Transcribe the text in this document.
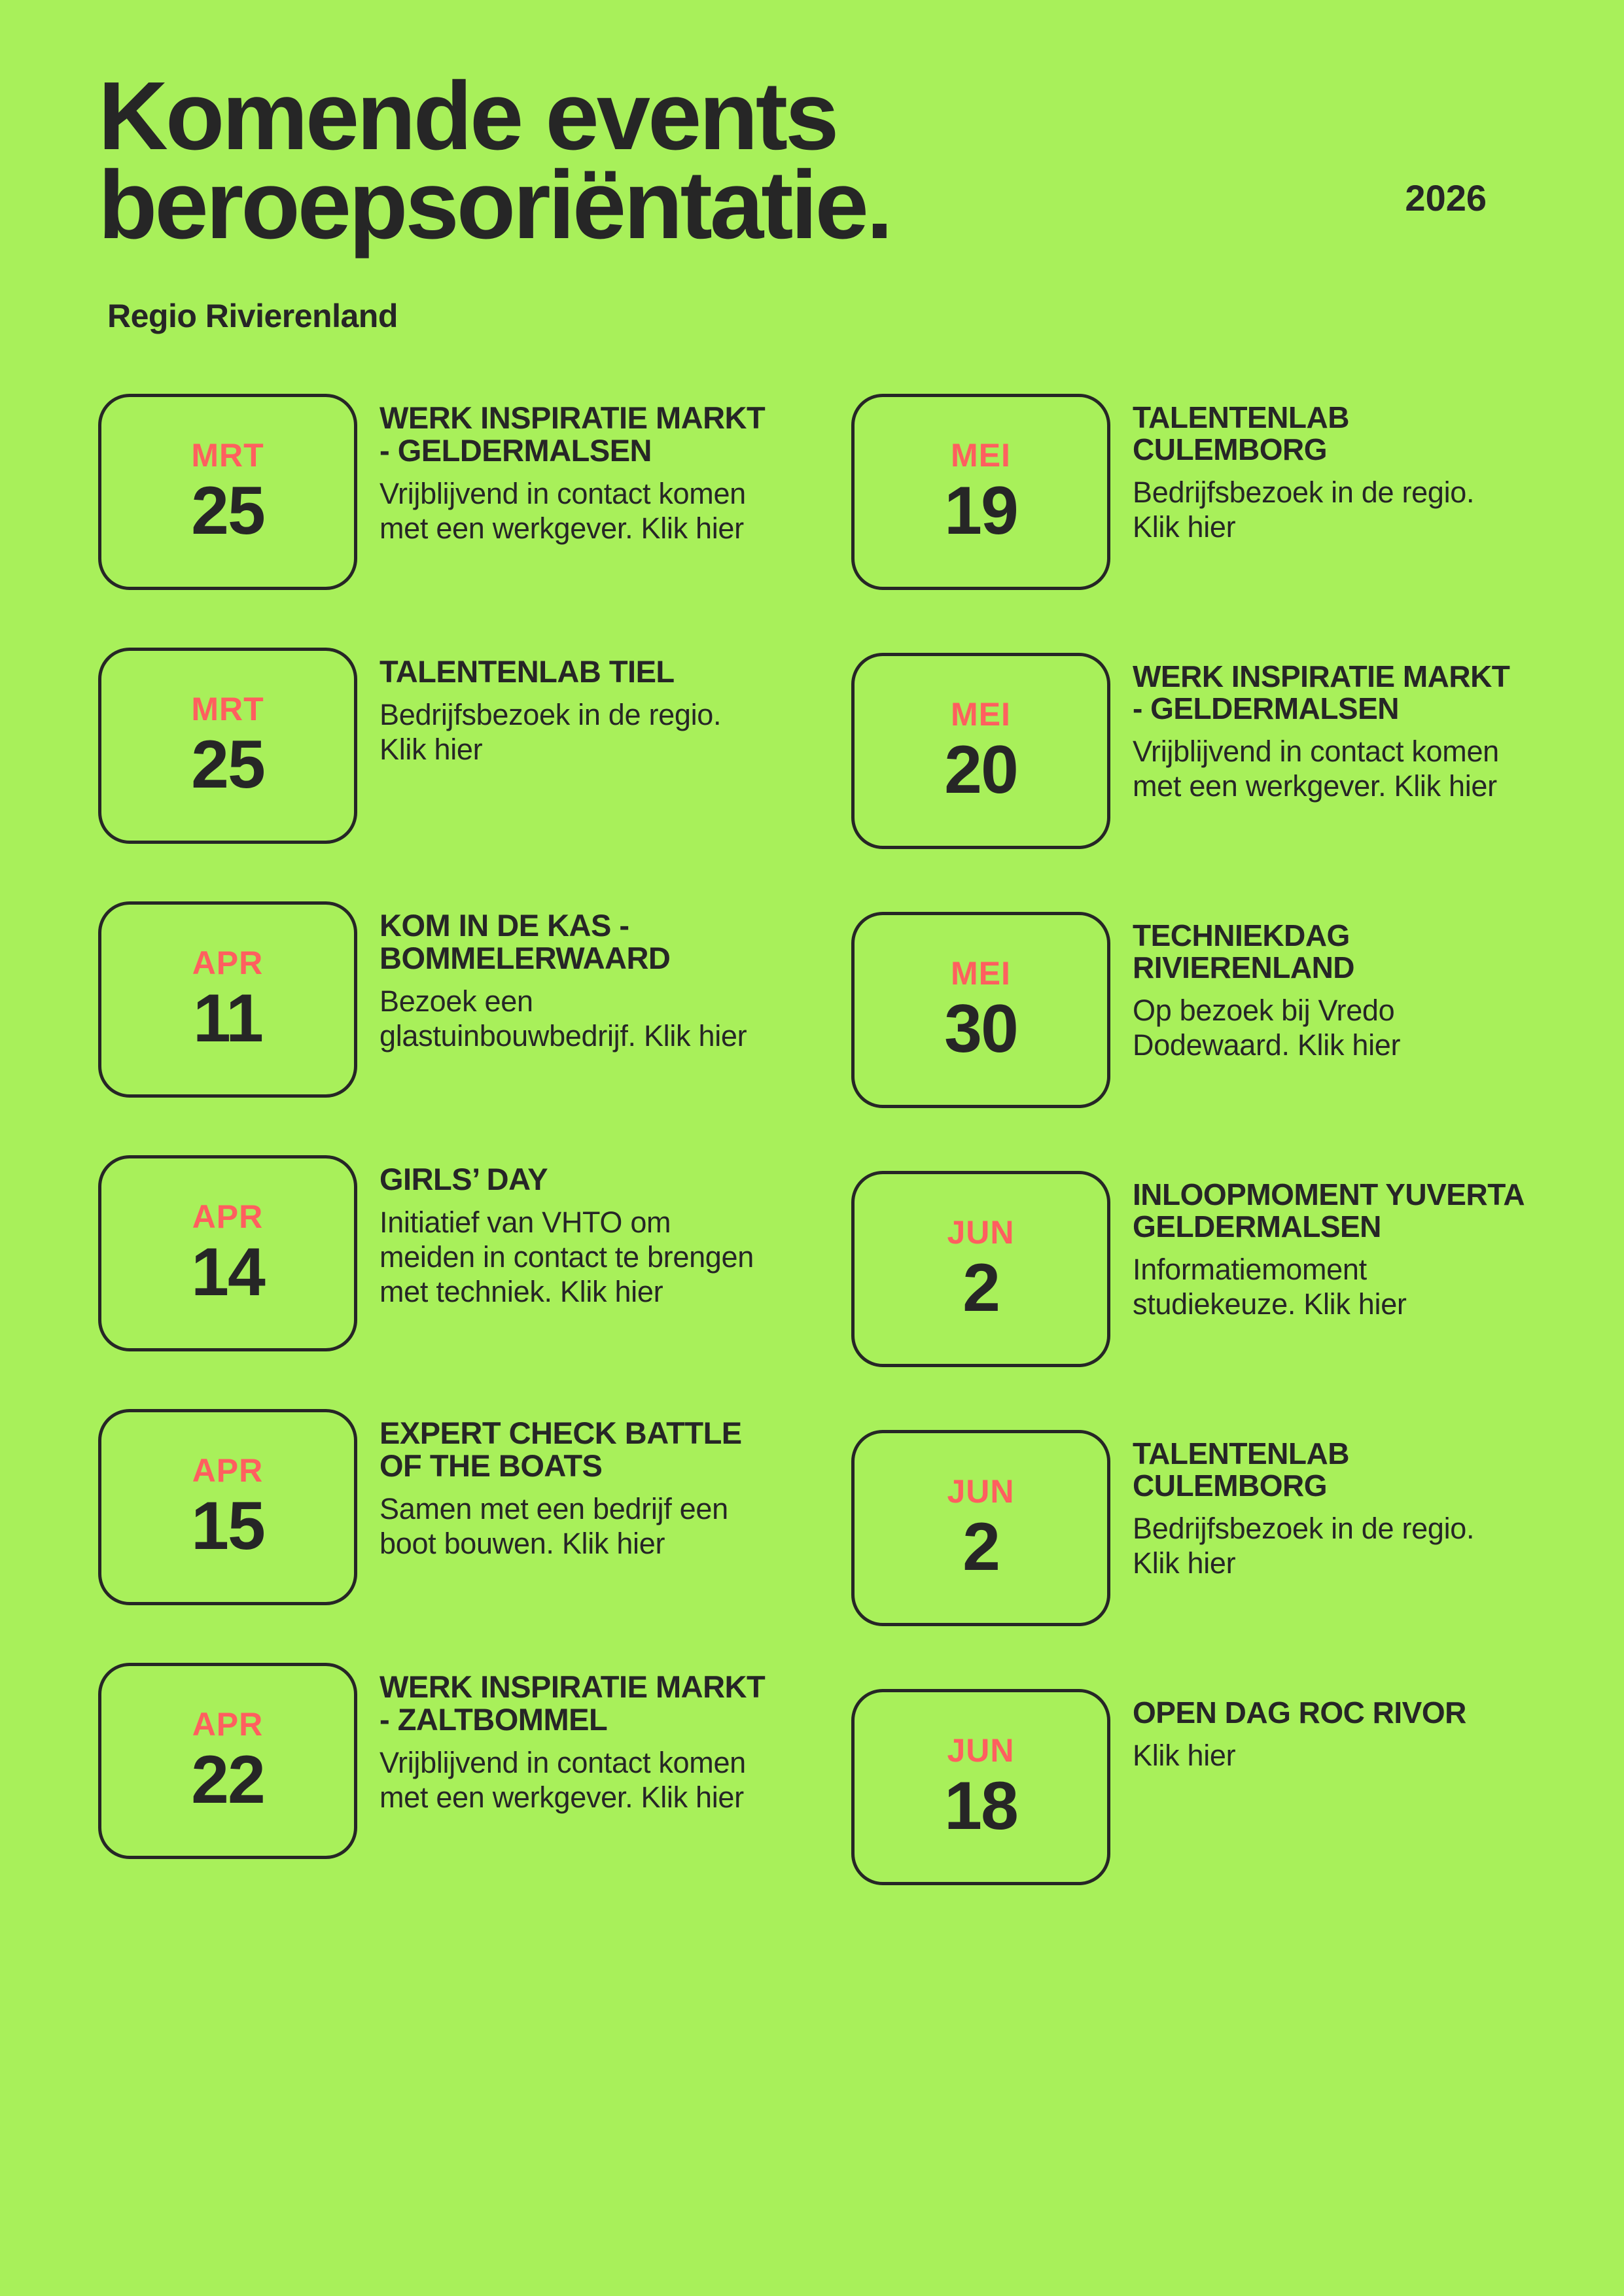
Komende events
beroepsoriëntatie.	2026
Regio Rivierenland
MRT
25

WERK INSPIRATIE MARKT - GELDERMALSEN

Vrijblijvend in contact komen met een werkgever. Klik hier

MRT
25

TALENTENLAB TIEL

Bedrijfsbezoek in de regio. Klik hier

APR
11

KOM IN DE KAS - BOMMELERWAARD

Bezoek een glastuinbouwbedrijf. Klik hier

APR
14

GIRLS’ DAY

Initiatief van VHTO om meiden in contact te brengen met techniek. Klik hier

APR
15

EXPERT CHECK BATTLE OF THE BOATS

Samen met een bedrijf een boot bouwen. Klik hier

APR
22

WERK INSPIRATIE MARKT - ZALTBOMMEL

Vrijblijvend in contact komen met een werkgever. Klik hier

MEI
19

TALENTENLAB CULEMBORG

Bedrijfsbezoek in de regio. Klik hier

MEI
20

WERK INSPIRATIE MARKT - GELDERMALSEN

Vrijblijvend in contact komen met een werkgever. Klik hier

MEI
30

TECHNIEKDAG RIVIERENLAND

Op bezoek bij Vredo Dodewaard. Klik hier

JUN
2

INLOOPMOMENT YUVERTA GELDERMALSEN

Informatiemoment studiekeuze. Klik hier

JUN
2

TALENTENLAB CULEMBORG

Bedrijfsbezoek in de regio. Klik hier

JUN
18

OPEN DAG ROC RIVOR

Klik hier
